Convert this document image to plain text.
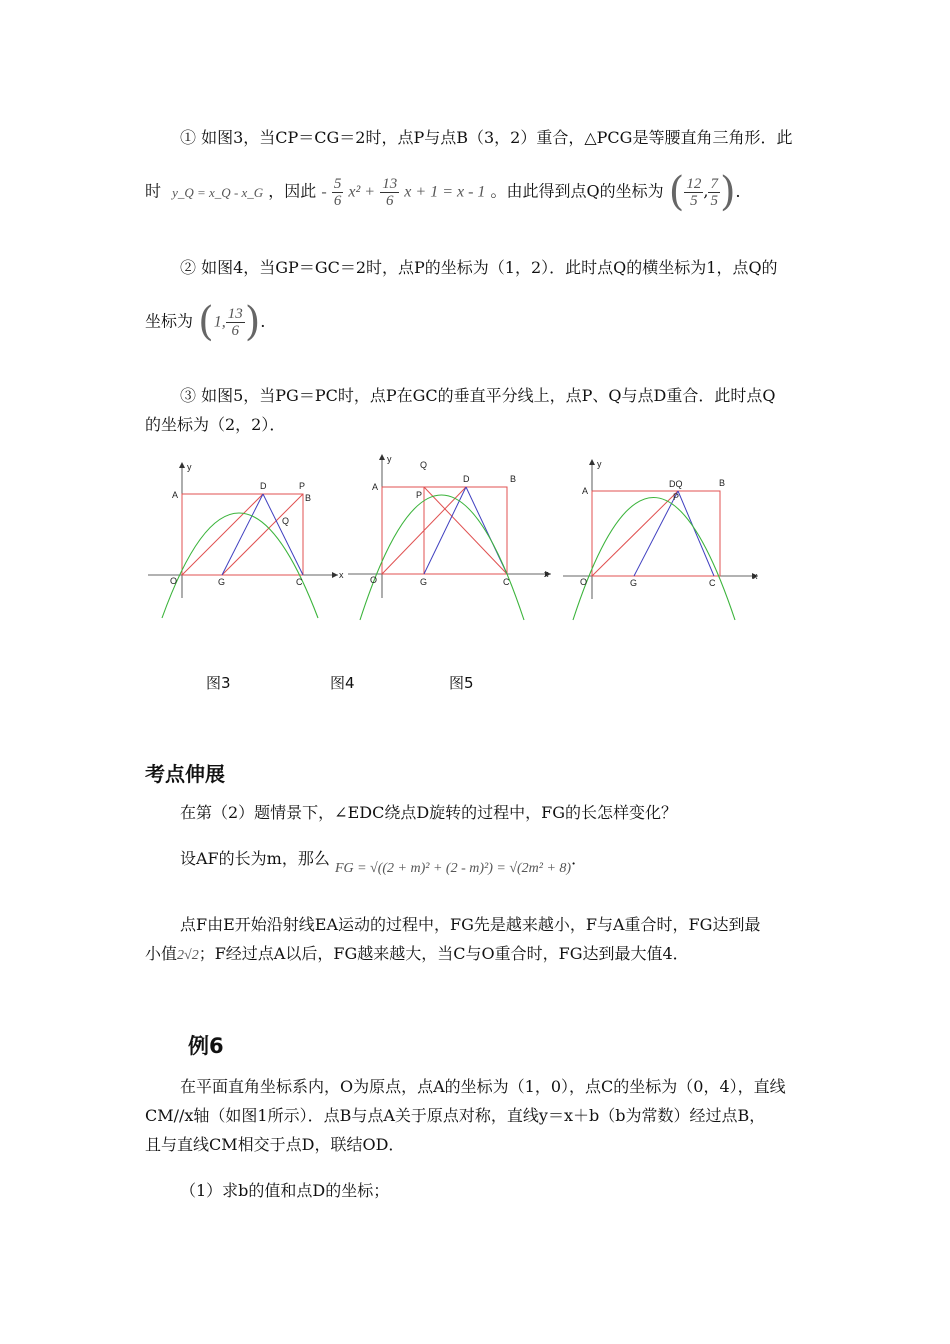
① 如图3，当CP＝CG＝2时，点P与点B（3，2）重合，△PCG是等腰直角三角形．此
时 y_Q = x_Q - x_G ，因此 - $\frac{5}{6} x^2 + \frac{13}{6}$ x + 1 = x - 1 。由此得到点Q的坐标为 ( $\frac{12}{5}$ , $\frac{7}{5}$ )．
② 如图4，当GP＝GC＝2时，点P的坐标为（1，2）．此时点Q的横坐标为1，点Q的
坐标为 (1, $\frac{13}{6}$ )．
③ 如图5，当PG＝PC时，点P在GC的垂直平分线上，点P、Q与点D重合．此时点Q
的坐标为（2，2）．
y
x
O
A
D	P
B
Q
G	C
y
x
O
A
Q
P
D	B
G	C
y
x
O
A
DQ
P
B
G	C
图3	图4	图5
考点伸展
在第（2）题情景下，∠EDC绕点D旋转的过程中，FG的长怎样变化？
设AF的长为m，那么 FG = √((2 + m)² + (2 - m)²) = √(2m² + 8)．
点F由E开始沿射线EA运动的过程中，FG先是越来越小，F与A重合时，FG达到最
小值2√2；F经过点A以后，FG越来越大，当C与O重合时，FG达到最大值4．
例6
在平面直角坐标系内，O为原点，点A的坐标为（1，0），点C的坐标为（0，4），直线
CM//x轴（如图1所示）．点B与点A关于原点对称，直线y＝x＋b（b为常数）经过点B，
且与直线CM相交于点D，联结OD．
（1）求b的值和点D的坐标；
